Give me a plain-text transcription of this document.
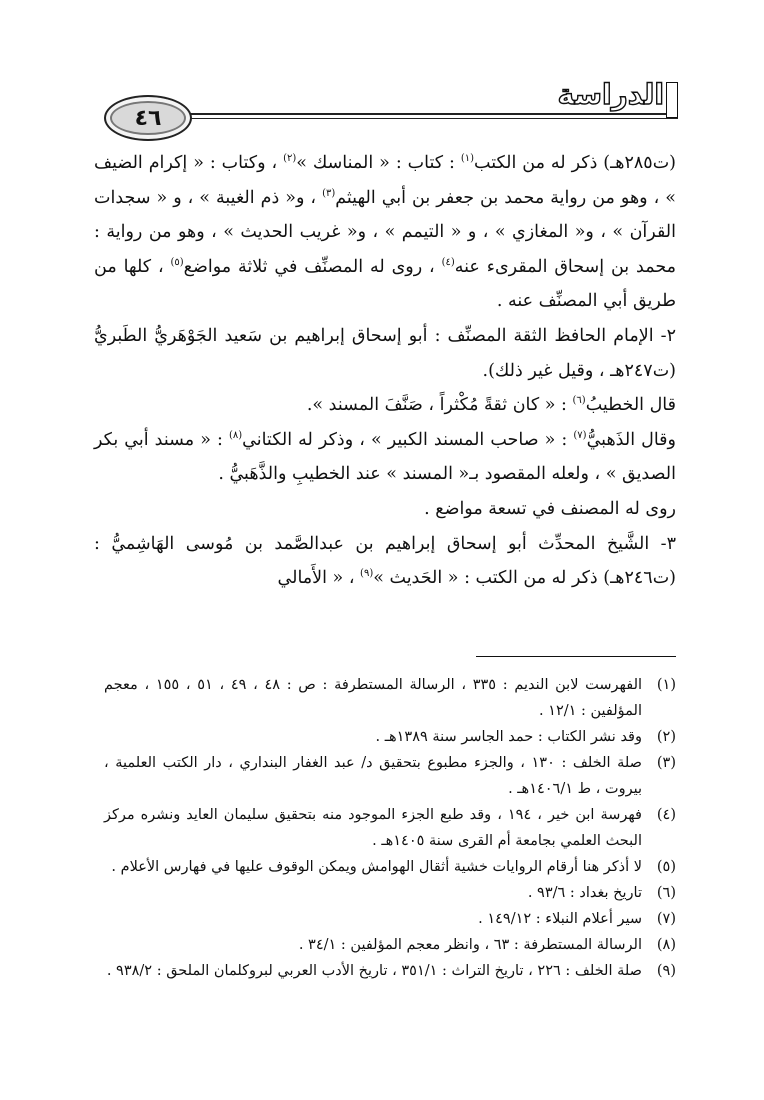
٤٦
الدراسة

(ت٢٨٥هـ) ذكر له من الكتب$^{(١)}$ : كتاب : « المناسك »$^{(٢)}$ ، وكتاب : « إكرام الضيف » ، وهو من رواية محمد بن جعفر بن أبي الهيثم$^{(٣)}$ ، و« ذم الغيبة » ، و « سجدات القرآن » ، و« المغازي » ، و « التيمم » ، و« غريب الحديث » ، وهو من رواية : محمد بن إسحاق المقرىء عنه$^{(٤)}$ ، روى له المصنِّف في ثلاثة مواضع$^{(٥)}$ ، كلها من طريق أبي المصنِّف عنه .

٢- الإمام الحافظ الثقة المصنِّف : أبو إسحاق إبراهيم بن سَعيد الجَوْهَريُّ الطَبريُّ (ت٢٤٧هـ ، وقيل غير ذلك).

قال الخطيبُ$^{(٦)}$ : « كان ثقةً مُكْثراً ، صَنَّفَ المسند ».

وقال الذَهبيُّ$^{(٧)}$ : « صاحب المسند الكبير » ، وذكر له الكتاني$^{(٨)}$ : « مسند أبي بكر الصديق » ، ولعله المقصود بـ« المسند » عند الخطيبِ والذَّهَبيُّ .

روى له المصنف في تسعة مواضع .

٣- الشَّيخ المحدِّث أبو إسحاق إبراهيم بن عبدالصَّمد بن مُوسى الهَاشِميُّ : (ت٢٤٦هـ) ذكر له من الكتب : « الحَديث »$^{(٩)}$ ، « الأَمالي

(١)
الفهرست لابن النديم : ٣٣٥ ، الرسالة المستطرفة : ص : ٤٨ ، ٤٩ ، ٥١ ، ١٥٥ ، معجم المؤلفين : ١٢/١ .
(٢)
وقد نشر الكتاب : حمد الجاسر سنة ١٣٨٩هـ .
(٣)
صلة الخلف : ١٣٠ ، والجزء مطبوع بتحقيق د/ عبد الغفار البنداري ، دار الكتب العلمية ، بيروت ، ط ١٤٠٦/١هـ .
(٤)
فهرسة ابن خير ، ١٩٤ ، وقد طبع الجزء الموجود منه بتحقيق سليمان العايد ونشره مركز البحث العلمي بجامعة أم القرى سنة ١٤٠٥هـ .
(٥)
لا أذكر هنا أرقام الروايات خشية أثقال الهوامش ويمكن الوقوف عليها في فهارس الأعلام .
(٦)
تاريخ بغداد : ٩٣/٦ .
(٧)
سير أعلام النبلاء : ١٤٩/١٢ .
(٨)
الرسالة المستطرفة : ٦٣ ، وانظر معجم المؤلفين : ٣٤/١ .
(٩)
صلة الخلف : ٢٢٦ ، تاريخ التراث : ٣٥١/١ ، تاريخ الأدب العربي لبروكلمان الملحق : ٩٣٨/٢ .
